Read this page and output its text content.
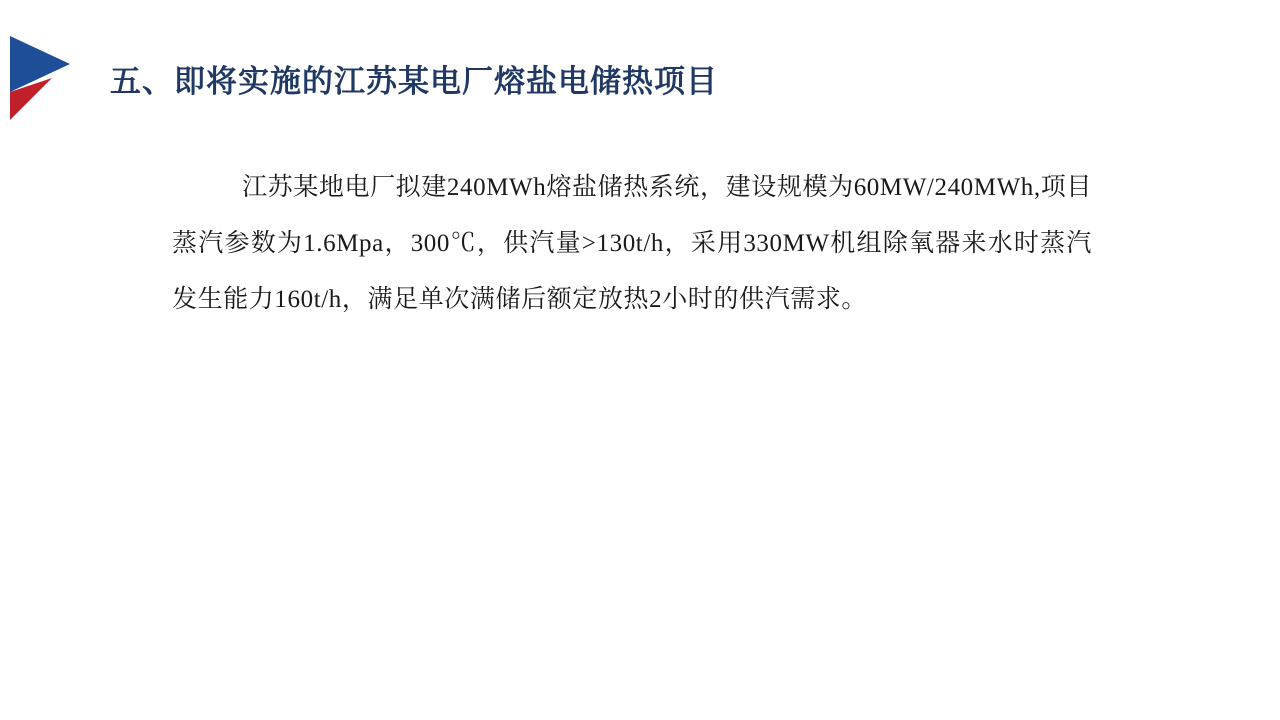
五、即将实施的江苏某电厂熔盐电储热项目
江苏某地电厂拟建240MWh熔盐储热系统，建设规模为60MW/240MWh,项目蒸汽参数为1.6Mpa，300℃，供汽量>130t/h，采用330MW机组除氧器来水时蒸汽发生能力160t/h，满足单次满储后额定放热2小时的供汽需求。
